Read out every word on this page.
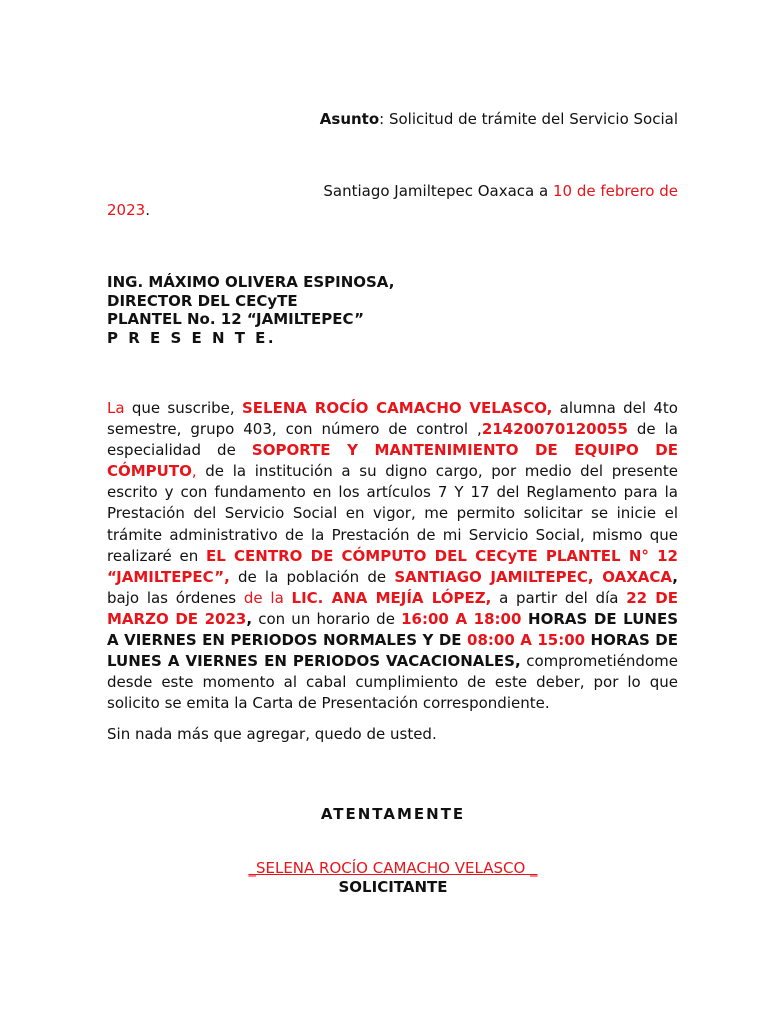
Asunto: Solicitud de trámite del Servicio Social
Santiago Jamiltepec Oaxaca a 10 de febrero de
2023.
ING. MÁXIMO OLIVERA ESPINOSA,
DIRECTOR DEL CECyTE
PLANTEL No. 12 “JAMILTEPEC”
P R E S E N T E.
La que suscribe, SELENA ROCÍO CAMACHO VELASCO, alumna del 4to semestre, grupo 403, con número de control ,21420070120055 de la especialidad de SOPORTE Y MANTENIMIENTO DE EQUIPO DE CÓMPUTO, de la institución a su digno cargo, por medio del presente escrito y con fundamento en los artículos 7 Y 17 del Reglamento para la Prestación del Servicio Social en vigor, me permito solicitar se inicie el trámite administrativo de la Prestación de mi Servicio Social, mismo que realizaré en EL CENTRO DE CÓMPUTO DEL CECyTE PLANTEL N° 12 “JAMILTEPEC”, de la población de SANTIAGO JAMILTEPEC, OAXACA, bajo las órdenes de la LIC. ANA MEJÍA LÓPEZ, a partir del día 22 DE MARZO DE 2023, con un horario de 16:00 A 18:00 HORAS DE LUNES A VIERNES EN PERIODOS NORMALES Y DE 08:00 A 15:00 HORAS DE LUNES A VIERNES EN PERIODOS VACACIONALES, comprometiéndome desde este momento al cabal cumplimiento de este deber, por lo que solicito se emita la Carta de Presentación correspondiente.
Sin nada más que agregar, quedo de usted.
ATENTAMENTE
_SELENA ROCÍO CAMACHO VELASCO _
SOLICITANTE
